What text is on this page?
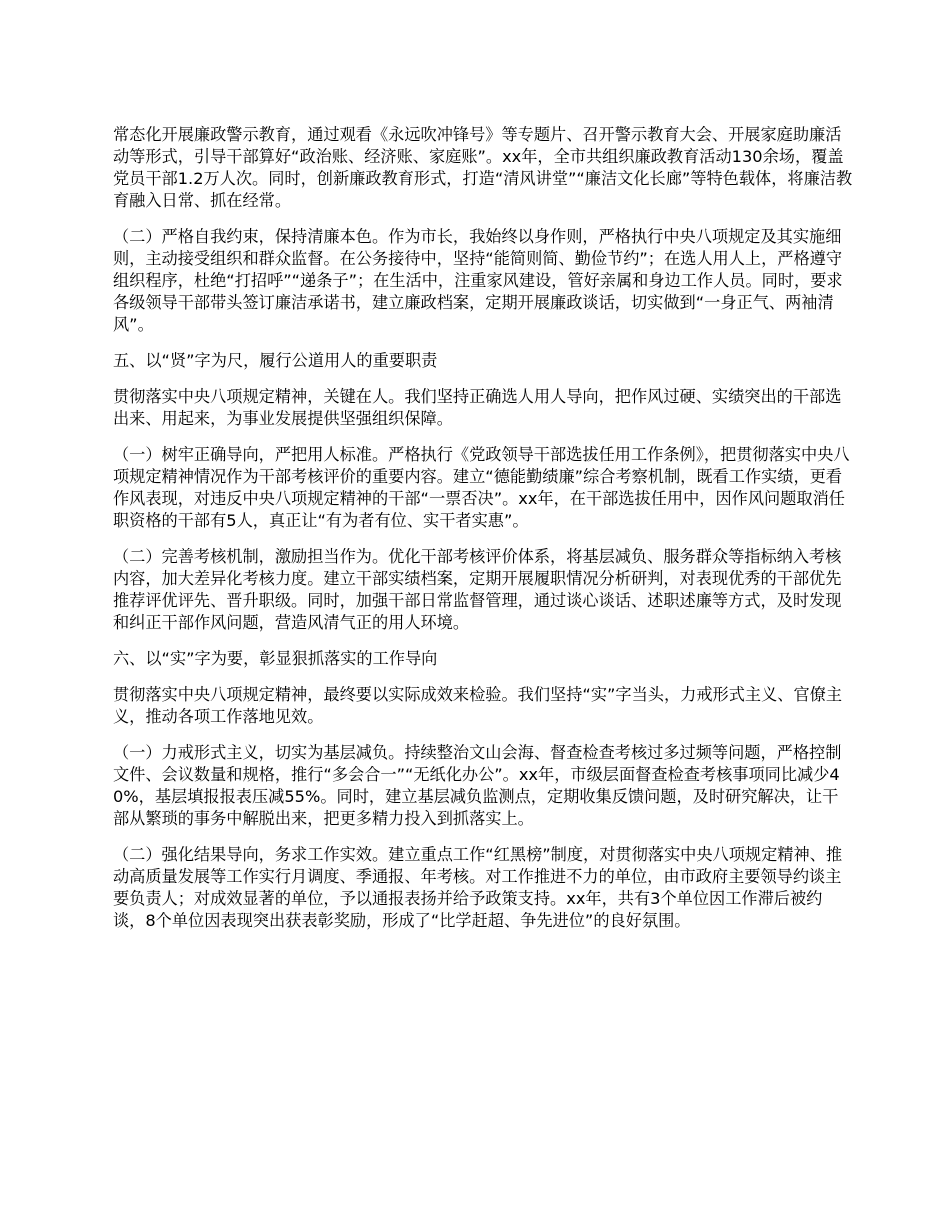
常态化开展廉政警示教育，通过观看《永远吹冲锋号》等专题片、召开警示教育大会、开展家庭助廉活动等形式，引导干部算好“政治账、经济账、家庭账”。xx年，全市共组织廉政教育活动130余场，覆盖党员干部1.2万人次。同时，创新廉政教育形式，打造“清风讲堂”“廉洁文化长廊”等特色载体，将廉洁教育融入日常、抓在经常。

（二）严格自我约束，保持清廉本色。作为市长，我始终以身作则，严格执行中央八项规定及其实施细则，主动接受组织和群众监督。在公务接待中，坚持“能简则简、勤俭节约”；在选人用人上，严格遵守组织程序，杜绝“打招呼”“递条子”；在生活中，注重家风建设，管好亲属和身边工作人员。同时，要求各级领导干部带头签订廉洁承诺书，建立廉政档案，定期开展廉政谈话，切实做到“一身正气、两袖清风”。

五、以“贤”字为尺，履行公道用人的重要职责

贯彻落实中央八项规定精神，关键在人。我们坚持正确选人用人导向，把作风过硬、实绩突出的干部选出来、用起来，为事业发展提供坚强组织保障。

（一）树牢正确导向，严把用人标准。严格执行《党政领导干部选拔任用工作条例》，把贯彻落实中央八项规定精神情况作为干部考核评价的重要内容。建立“德能勤绩廉”综合考察机制，既看工作实绩，更看作风表现，对违反中央八项规定精神的干部“一票否决”。xx年，在干部选拔任用中，因作风问题取消任职资格的干部有5人，真正让“有为者有位、实干者实惠”。

（二）完善考核机制，激励担当作为。优化干部考核评价体系，将基层减负、服务群众等指标纳入考核内容，加大差异化考核力度。建立干部实绩档案，定期开展履职情况分析研判，对表现优秀的干部优先推荐评优评先、晋升职级。同时，加强干部日常监督管理，通过谈心谈话、述职述廉等方式，及时发现和纠正干部作风问题，营造风清气正的用人环境。

六、以“实”字为要，彰显狠抓落实的工作导向

贯彻落实中央八项规定精神，最终要以实际成效来检验。我们坚持“实”字当头，力戒形式主义、官僚主义，推动各项工作落地见效。

（一）力戒形式主义，切实为基层减负。持续整治文山会海、督查检查考核过多过频等问题，严格控制文件、会议数量和规格，推行“多会合一”“无纸化办公”。xx年，市级层面督查检查考核事项同比减少40%，基层填报报表压减55%。同时，建立基层减负监测点，定期收集反馈问题，及时研究解决，让干部从繁琐的事务中解脱出来，把更多精力投入到抓落实上。

（二）强化结果导向，务求工作实效。建立重点工作“红黑榜”制度，对贯彻落实中央八项规定精神、推动高质量发展等工作实行月调度、季通报、年考核。对工作推进不力的单位，由市政府主要领导约谈主要负责人；对成效显著的单位，予以通报表扬并给予政策支持。xx年，共有3个单位因工作滞后被约谈，8个单位因表现突出获表彰奖励，形成了“比学赶超、争先进位”的良好氛围。
